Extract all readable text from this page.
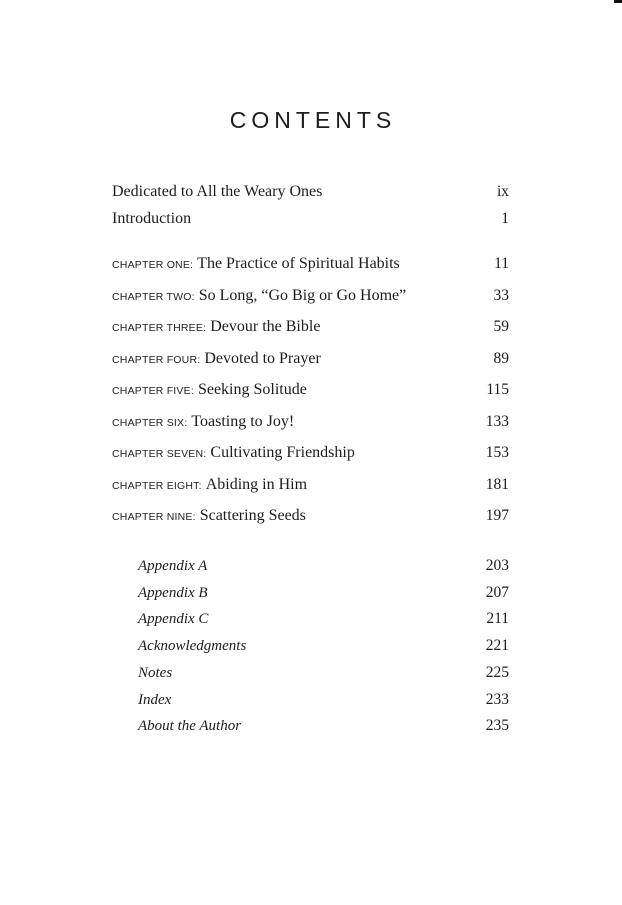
CONTENTS
Dedicated to All the Weary Ones	ix
Introduction	1
CHAPTER ONE: The Practice of Spiritual Habits	11
CHAPTER TWO: So Long, “Go Big or Go Home”	33
CHAPTER THREE: Devour the Bible	59
CHAPTER FOUR: Devoted to Prayer	89
CHAPTER FIVE: Seeking Solitude	115
CHAPTER SIX: Toasting to Joy!	133
CHAPTER SEVEN: Cultivating Friendship	153
CHAPTER EIGHT: Abiding in Him	181
CHAPTER NINE: Scattering Seeds	197
Appendix A	203
Appendix B	207
Appendix C	211
Acknowledgments	221
Notes	225
Index	233
About the Author	235
